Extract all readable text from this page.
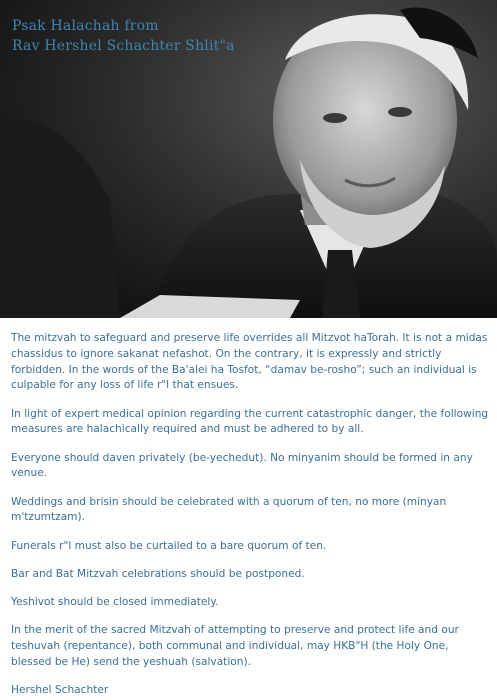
Psak Halachah from
Rav Hershel Schachter Shlit"a

The mitzvah to safeguard and preserve life overrides all Mitzvot haTorah. It is not a midas chassidus to ignore sakanat nefashot. On the contrary, it is expressly and strictly forbidden. In the words of the Ba'alei ha Tosfot, “damav be-rosho”; such an individual is culpable for any loss of life r"l that ensues.

In light of expert medical opinion regarding the current catastrophic danger, the following measures are halachically required and must be adhered to by all.

Everyone should daven privately (be-yechedut). No minyanim should be formed in any venue.

Weddings and brisin should be celebrated with a quorum of ten, no more (minyan m'tzumtzam).

Funerals r"l must also be curtailed to a bare quorum of ten.

Bar and Bat Mitzvah celebrations should be postponed.

Yeshivot should be closed immediately.

In the merit of the sacred Mitzvah of attempting to preserve and protect life and our teshuvah (repentance), both communal and individual, may HKB"H (the Holy One, blessed be He) send the yeshuah (salvation).

Hershel Schachter
